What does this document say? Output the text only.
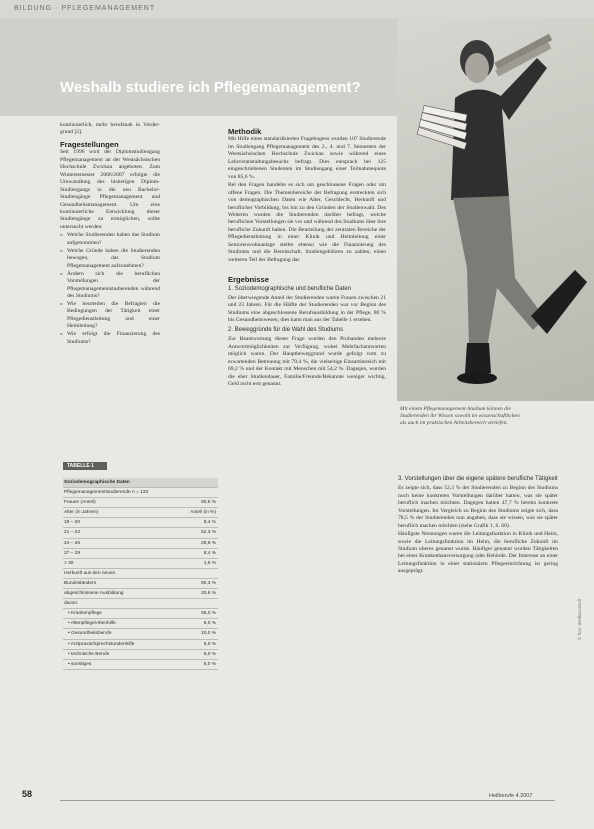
BILDUNG · PFLEGEMANAGEMENT
Weshalb studiere ich Pflegemanagement?
Mit einem Pflegemanagement-Studium können die Studierenden ihr Wissen sowohl im wissenschaftlichen als auch im praktischen Arbeitsbereich vertiefen.

kontinuierlich, mehr berufsnah in Vorder-grund [2].

Fragestellungen

Seit 1996 wird der Diplomstudiengang Pflegemanagement an der Westsächsischen Hochschule Zwickau angeboten. Zum Wintersemester 2006/2007 erfolgte die Umwandlung des bisherigen Diplom-Studiengangs in die neu Bachelor-Studiengänge Pflegemanagement und Gesundheitsmanagement. Um eine kontinuierliche Entwicklung dieser Studiengänge zu ermöglichen, sollte untersucht werden:

» Welche Studierenden haben das Studium aufgenommen?
» Welche Gründe haben die Studierenden bewogen, das Studium Pflegemanagement aufzunehmen?
» Ändern sich die beruflichen Vorstellungen der Pflegemanagementstudierenden während des Studiums?
» Wie beurteilen die Befragten die Bedingungen der Tätigkeit einer Pflegedienstleitung und einer Heimleitung?
» Wie erfolgt die Finanzierung des Studiums?
TABELLE 1
Soziodemographische Daten
Pflegemanagementstudierende n = 133
Frauen (Anteil)	80,5 %
Alter (in Jahren)	Anteil (in %)
18 – 20	9,4 %
21 – 23	52,3 %
24 – 26	29,9 %
27 – 29	8,4 %
> 30	1,8 %
Herkunft aus den neuen
Bundesländern	90,3 %
abgeschlossene Ausbildung	20,6 %
davon:
• Krankenpflege	55,0 %
• Altenpflege/Altenhilfe	5,0 %
• Gesundheitsberufe	10,0 %
• Arztpraxis/Sprechstundenhilfe	5,0 %
• technische Berufe	5,0 %
• sonstiges	5,0 %
Methodik

Mit Hilfe eines standardisierten Fragebogens wurden 107 Studierende im Studiengang Pflegemanagement des 2., 4. und 7. Semesters der Westsächsischen Hochschule Zwickau sowie während eines Lehrveranstaltungsbesuchs befragt. Dies entsprach bei 125 eingeschriebenen Studenten im Studiengang einer Teilnahmequote von 85,6 %.

Bei den Fragen handelte es sich um geschlossene Fragen oder um offene Fragen. Die Themenbereiche der Befragung erstreckten sich von demographischen Daten wie Alter, Geschlecht, Herkunft und beruflicher Vorbildung, bis hin zu den Gründen der Studienwahl. Des Weiteren wurden die Studierenden darüber befragt, welche beruflichen Vorstellungen sie vor und während des Studiums über ihre berufliche Zukunft haben. Die Beurteilung der zentralen Bereiche der Pflegedienstleitung in einer Klinik und Heimleitung einer Seniorenwohnanlage stellte ebenso wie die Finanzierung des Studiums und die Bereitschaft, Studiengebühren zu zahlen, einen weiteren Teil der Befragung dar.

Ergebnisse
1. Soziodemographische und berufliche Daten

Der überwiegende Anteil der Studierenden waren Frauen zwischen 21 und 23 Jahren. Für die Hälfte der Studierenden war vor Beginn des Studiums eine abgeschlossene Berufsausbildung in der Pflege, 80 % bis Gesundheitswesen, dies kann man aus der Tabelle 1 ersehen.

2. Beweggründe für die Wahl des Studiums

Zur Beantwortung dieser Frage wurden den Probanden mehrere Antwortmöglichkeiten zur Verfügung, wobei Mehrfachantworten möglich waren. Der Hauptbeweggrund wurde gefolgt vom zu erwartenden Betreuung mit 79,4 %, die vielseitige Einsatzbereich mit 69,2 % und der Kontakt mit Menschen mit 54,2 %. Dagegen, wurden die eher Studiendauer, Familie/Freunde/Bekannte weniger wichtig. Geld nicht erst genannt.

3. Vorstellungen über die eigene spätere berufliche Tätigkeit

Es zeigte sich, dass 52,3 % der Studierenden zu Beginn des Studiums noch keine konkreten Vorstellungen darüber hatten, was sie später beruflich machen möchten. Dagegen hatten 47,7 % bereits konkrete Vorstellungen. Im Vergleich zu Beginn des Studiums zeigte sich, dass 78,5 % der Studierenden nun angaben, dass sie wissen, was sie später beruflich machen möchten (siehe Grafik 1, S. 60).

Häufigste Nennungen waren die Leitungsfunktion in Klinik und Heim, sowie die Leitungsfunktion im Heim, die berufliche Zukunft im Studium oberes genannt wurde. Häufiger genannt wurden Tätigkeiten bei einer Krankenhausversorgung oder Behörde. Der Interesse an einer Leitungsfunktion in einer stationären Pflegeeinrichtung ist gering ausgeprägt.

58	Heilberufe 4.2007
© foto: mediaconsult
